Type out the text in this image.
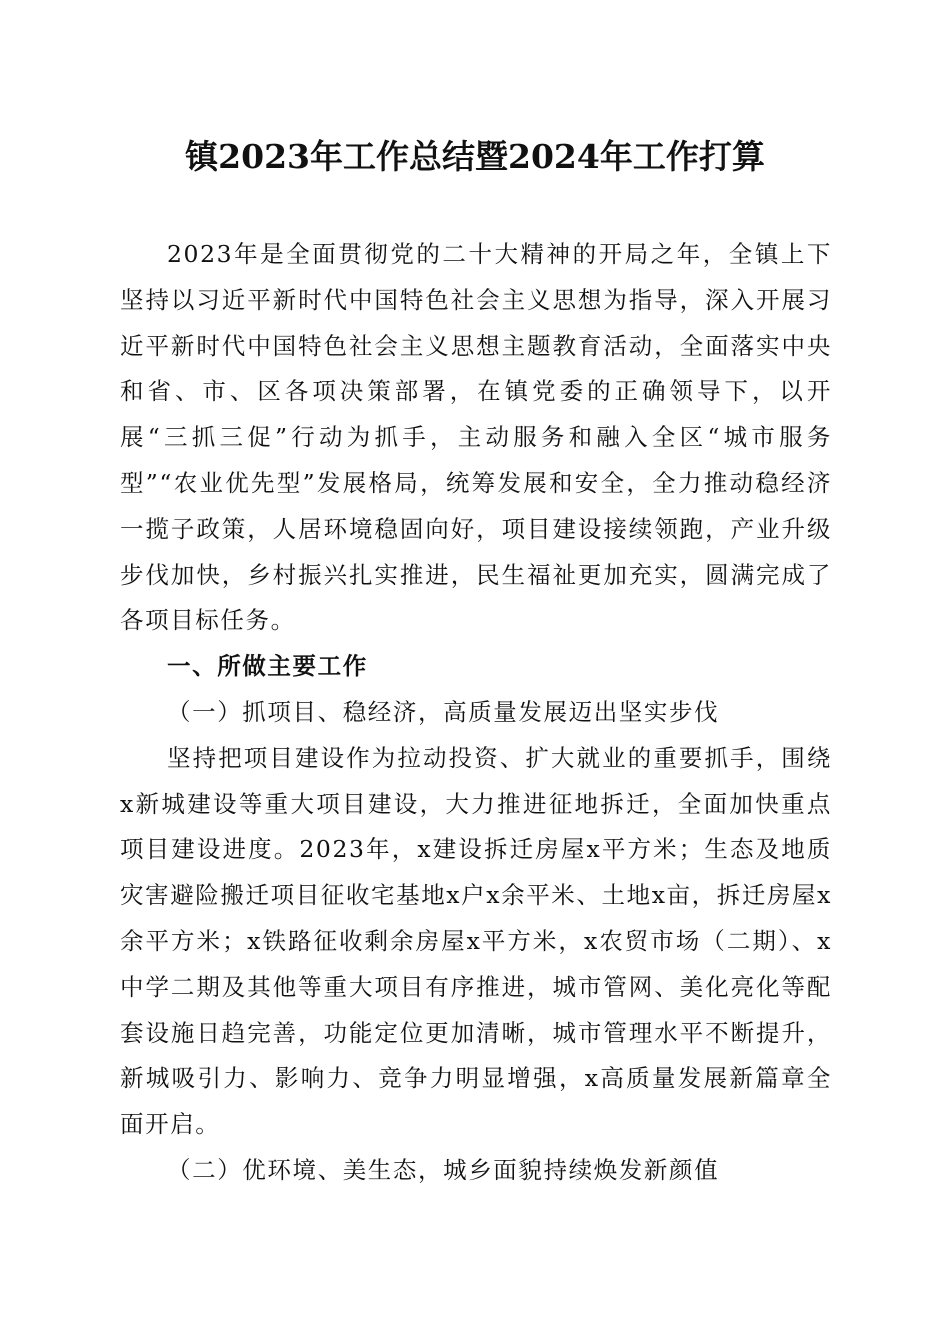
镇2023年工作总结暨2024年工作打算

2023年是全面贯彻党的二十大精神的开局之年，全镇上下坚持以习近平新时代中国特色社会主义思想为指导，深入开展习近平新时代中国特色社会主义思想主题教育活动，全面落实中央和省、市、区各项决策部署，在镇党委的正确领导下，以开展“三抓三促”行动为抓手，主动服务和融入全区“城市服务型”“农业优先型”发展格局，统筹发展和安全，全力推动稳经济一揽子政策，人居环境稳固向好，项目建设接续领跑，产业升级步伐加快，乡村振兴扎实推进，民生福祉更加充实，圆满完成了各项目标任务。

一、所做主要工作

（一）抓项目、稳经济，高质量发展迈出坚实步伐

坚持把项目建设作为拉动投资、扩大就业的重要抓手，围绕x新城建设等重大项目建设，大力推进征地拆迁，全面加快重点项目建设进度。2023年，x建设拆迁房屋x平方米；生态及地质灾害避险搬迁项目征收宅基地x户x余平米、土地x亩，拆迁房屋x余平方米；x铁路征收剩余房屋x平方米，x农贸市场（二期）、x中学二期及其他等重大项目有序推进，城市管网、美化亮化等配套设施日趋完善，功能定位更加清晰，城市管理水平不断提升，新城吸引力、影响力、竞争力明显增强，x高质量发展新篇章全面开启。

（二）优环境、美生态，城乡面貌持续焕发新颜值
